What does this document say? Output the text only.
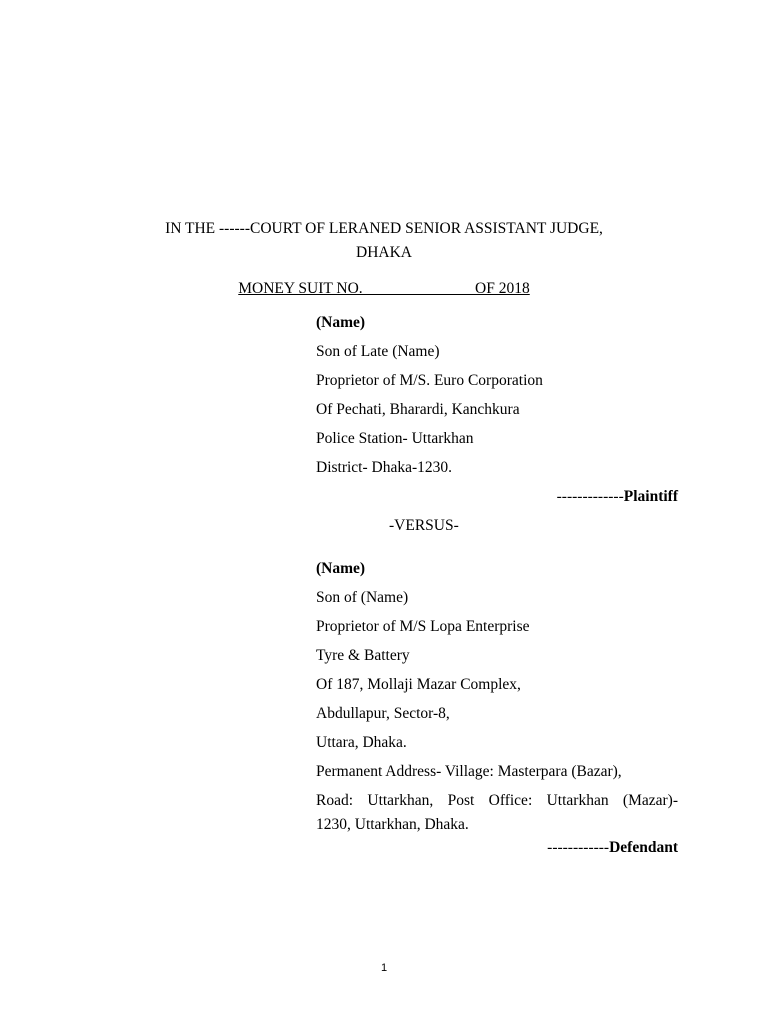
IN THE ------COURT OF LERANED SENIOR ASSISTANT JUDGE,
DHAKA
MONEY SUIT NO. ______________OF 2018
(Name)
Son of Late (Name)
Proprietor of M/S. Euro Corporation
Of Pechati, Bharardi, Kanchkura
Police Station- Uttarkhan
District- Dhaka-1230.
-------------Plaintiff
-VERSUS-
(Name)
Son of (Name)
Proprietor of M/S Lopa Enterprise
Tyre & Battery
Of 187, Mollaji Mazar Complex,
Abdullapur, Sector-8,
Uttara, Dhaka.
Permanent Address- Village: Masterpara (Bazar),
Road: Uttarkhan, Post Office: Uttarkhan (Mazar)-
1230, Uttarkhan, Dhaka.
------------Defendant
1
